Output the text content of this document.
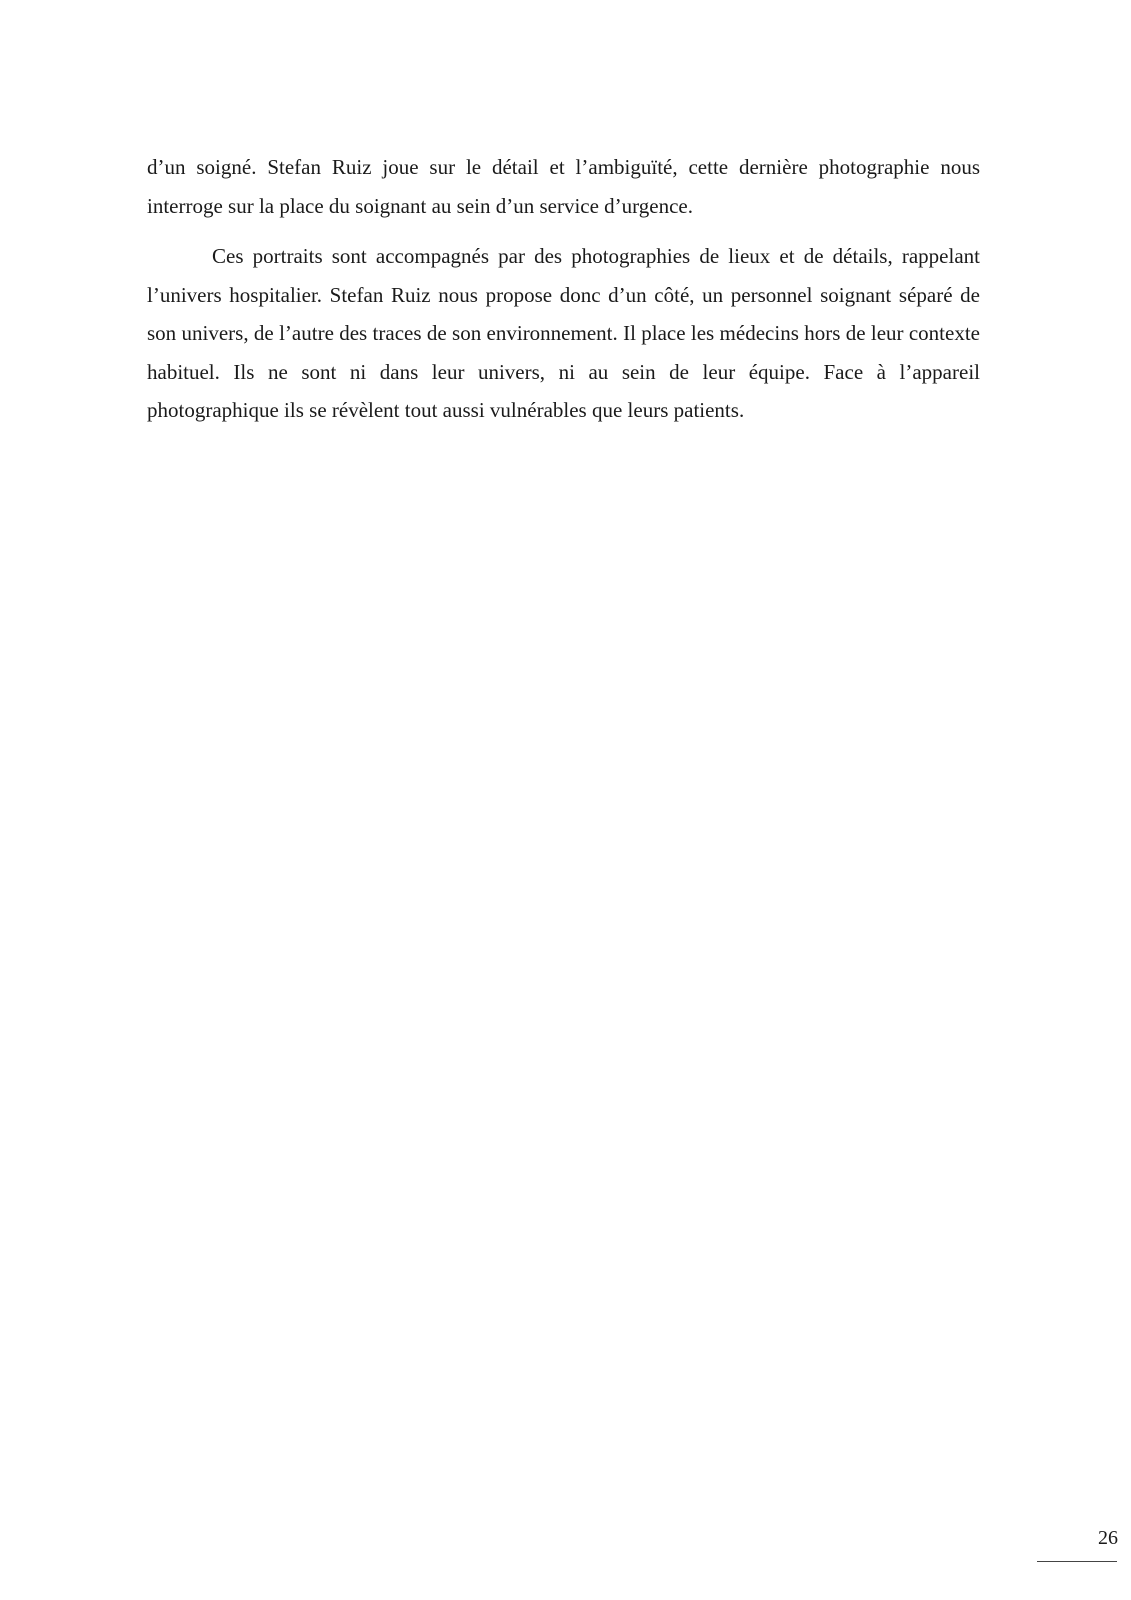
d’un soigné. Stefan Ruiz joue sur le détail et l’ambiguïté, cette dernière photographie nous interroge sur la place du soignant au sein d’un service d’urgence.

Ces portraits sont accompagnés par des photographies de lieux et de détails, rappelant l’univers hospitalier. Stefan Ruiz nous propose donc d’un côté, un personnel soignant séparé de son univers, de l’autre des traces de son environnement. Il place les médecins hors de leur contexte habituel. Ils ne sont ni dans leur univers, ni au sein de leur équipe. Face à l’appareil photographique ils se révèlent tout aussi vulnérables que leurs patients.

26
